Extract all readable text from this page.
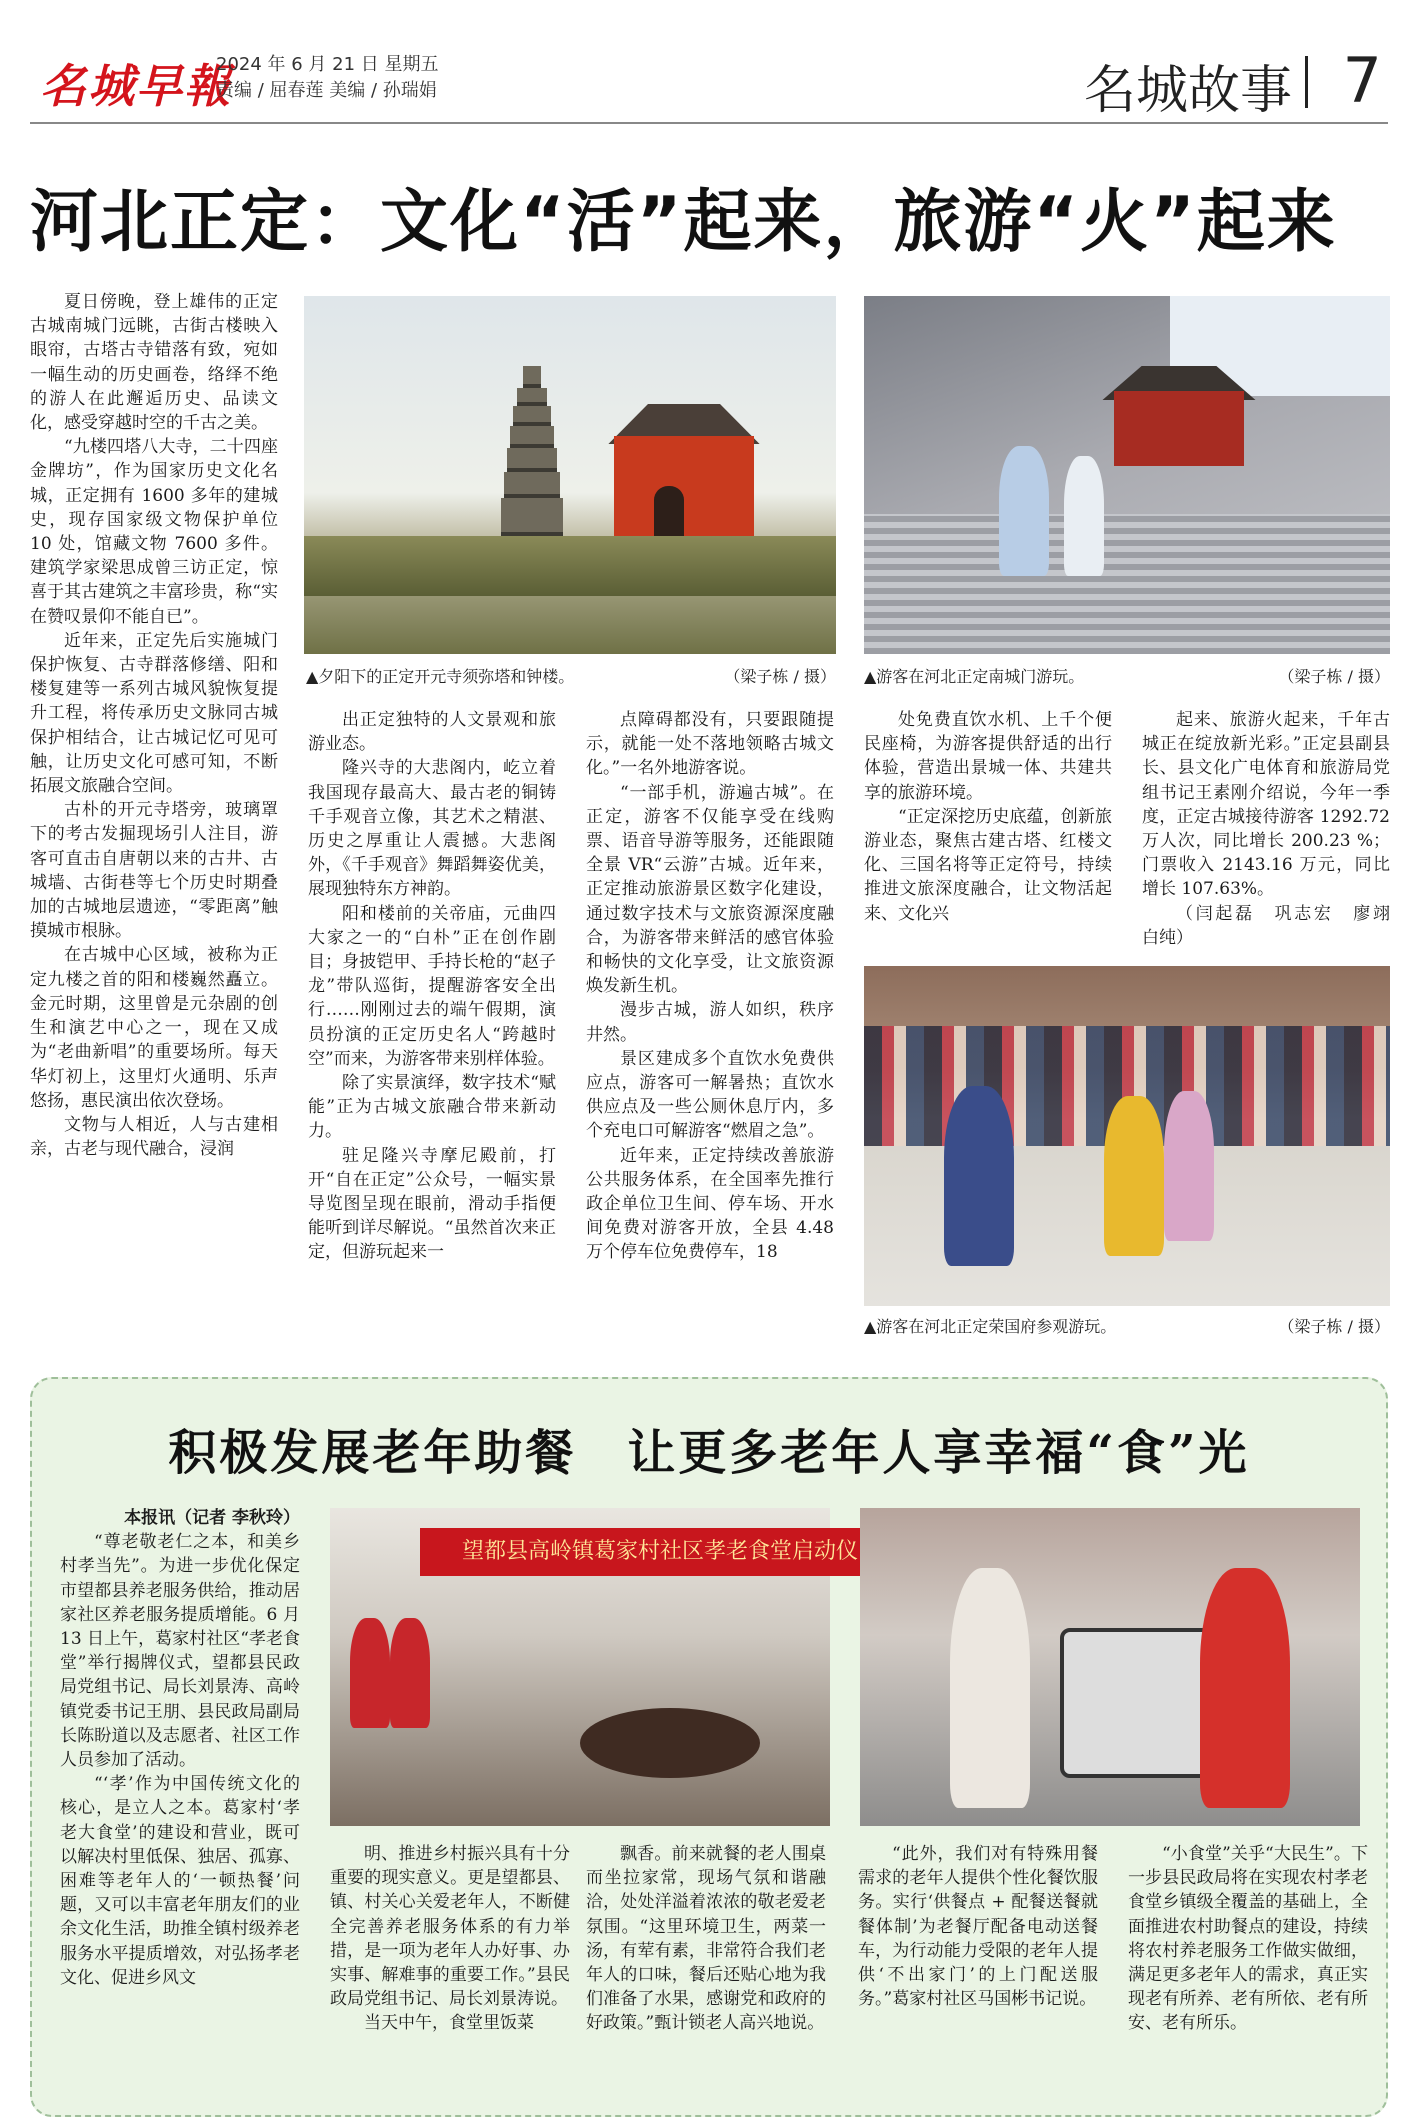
名城早報
2024 年 6 月 21 日 星期五
责编 / 屈春莲 美编 / 孙瑞娟	名城故事 7
河北正定：文化“活”起来，旅游“火”起来

夏日傍晚，登上雄伟的正定古城南城门远眺，古街古楼映入眼帘，古塔古寺错落有致，宛如一幅生动的历史画卷，络绎不绝的游人在此邂逅历史、品读文化，感受穿越时空的千古之美。

“九楼四塔八大寺，二十四座金牌坊”，作为国家历史文化名城，正定拥有 1600 多年的建城史，现存国家级文物保护单位 10 处，馆藏文物 7600 多件。建筑学家梁思成曾三访正定，惊喜于其古建筑之丰富珍贵，称“实在赞叹景仰不能自已”。

近年来，正定先后实施城门保护恢复、古寺群落修缮、阳和楼复建等一系列古城风貌恢复提升工程，将传承历史文脉同古城保护相结合，让古城记忆可见可触，让历史文化可感可知，不断拓展文旅融合空间。

古朴的开元寺塔旁，玻璃罩下的考古发掘现场引人注目，游客可直击自唐朝以来的古井、古城墙、古街巷等七个历史时期叠加的古城地层遗迹，“零距离”触摸城市根脉。

在古城中心区域，被称为正定九楼之首的阳和楼巍然矗立。金元时期，这里曾是元杂剧的创生和演艺中心之一，现在又成为“老曲新唱”的重要场所。每天华灯初上，这里灯火通明、乐声悠扬，惠民演出依次登场。

文物与人相近，人与古建相亲，古老与现代融合，浸润

出正定独特的人文景观和旅游业态。

隆兴寺的大悲阁内，屹立着我国现存最高大、最古老的铜铸千手观音立像，其艺术之精湛、历史之厚重让人震撼。大悲阁外，《千手观音》舞蹈舞姿优美，展现独特东方神韵。

阳和楼前的关帝庙，元曲四大家之一的“白朴”正在创作剧目；身披铠甲、手持长枪的“赵子龙”带队巡街，提醒游客安全出行……刚刚过去的端午假期，演员扮演的正定历史名人“跨越时空”而来，为游客带来别样体验。

除了实景演绎，数字技术“赋能”正为古城文旅融合带来新动力。

驻足隆兴寺摩尼殿前，打开“自在正定”公众号，一幅实景导览图呈现在眼前，滑动手指便能听到详尽解说。“虽然首次来正定，但游玩起来一

点障碍都没有，只要跟随提示，就能一处不落地领略古城文化。”一名外地游客说。

“一部手机，游遍古城”。在正定，游客不仅能享受在线购票、语音导游等服务，还能跟随全景 VR“云游”古城。近年来，正定推动旅游景区数字化建设，通过数字技术与文旅资源深度融合，为游客带来鲜活的感官体验和畅快的文化享受，让文旅资源焕发新生机。

漫步古城，游人如织，秩序井然。

景区建成多个直饮水免费供应点，游客可一解暑热；直饮水供应点及一些公厕休息厅内，多个充电口可解游客“燃眉之急”。

近年来，正定持续改善旅游公共服务体系，在全国率先推行政企单位卫生间、停车场、开水间免费对游客开放，全县 4.48 万个停车位免费停车，18

处免费直饮水机、上千个便民座椅，为游客提供舒适的出行体验，营造出景城一体、共建共享的旅游环境。

“正定深挖历史底蕴，创新旅游业态，聚焦古建古塔、红楼文化、三国名将等正定符号，持续推进文旅深度融合，让文物活起来、文化兴

起来、旅游火起来，千年古城正在绽放新光彩。”正定县副县长、县文化广电体育和旅游局党组书记王素刚介绍说，今年一季度，正定古城接待游客 1292.72 万人次，同比增长 200.23 %；门票收入 2143.16 万元，同比增长 107.63%。

（闫起磊　巩志宏　廖翊　白纯）

▲夕阳下的正定开元寺须弥塔和钟楼。	（梁子栋 / 摄） ▲游客在河北正定南城门游玩。	（梁子栋 / 摄）
▲游客在河北正定荣国府参观游玩。	（梁子栋 / 摄）
积极发展老年助餐　让更多老年人享幸福“食”光
本报讯（记者 李秋玲）

“尊老敬老仁之本，和美乡村孝当先”。为进一步优化保定市望都县养老服务供给，推动居家社区养老服务提质增能。6 月 13 日上午，葛家村社区“孝老食堂”举行揭牌仪式，望都县民政局党组书记、局长刘景涛、高岭镇党委书记王朋、县民政局副局长陈盼道以及志愿者、社区工作人员参加了活动。

“‘孝’作为中国传统文化的核心，是立人之本。葛家村‘孝老大食堂’的建设和营业，既可以解决村里低保、独居、孤寡、困难等老年人的‘一顿热餐’问题，又可以丰富老年朋友们的业余文化生活，助推全镇村级养老服务水平提质增效，对弘扬孝老文化、促进乡风文

明、推进乡村振兴具有十分重要的现实意义。更是望都县、镇、村关心关爱老年人，不断健全完善养老服务体系的有力举措，是一项为老年人办好事、办实事、解难事的重要工作。”县民政局党组书记、局长刘景涛说。

当天中午，食堂里饭菜

飘香。前来就餐的老人围桌而坐拉家常，现场气氛和谐融洽，处处洋溢着浓浓的敬老爱老氛围。“这里环境卫生，两菜一汤，有荤有素，非常符合我们老年人的口味，餐后还贴心地为我们准备了水果，感谢党和政府的好政策。”甄计锁老人高兴地说。

“此外，我们对有特殊用餐需求的老年人提供个性化餐饮服务。实行‘供餐点 + 配餐送餐就餐体制’为老餐厅配备电动送餐车，为行动能力受限的老年人提供‘不出家门’的上门配送服务。”葛家村社区马国彬书记说。

“小食堂”关乎“大民生”。下一步县民政局将在实现农村孝老食堂乡镇级全覆盖的基础上，全面推进农村助餐点的建设，持续将农村养老服务工作做实做细，满足更多老年人的需求，真正实现老有所养、老有所依、老有所安、老有所乐。

望都县高岭镇葛家村社区孝老食堂启动仪
